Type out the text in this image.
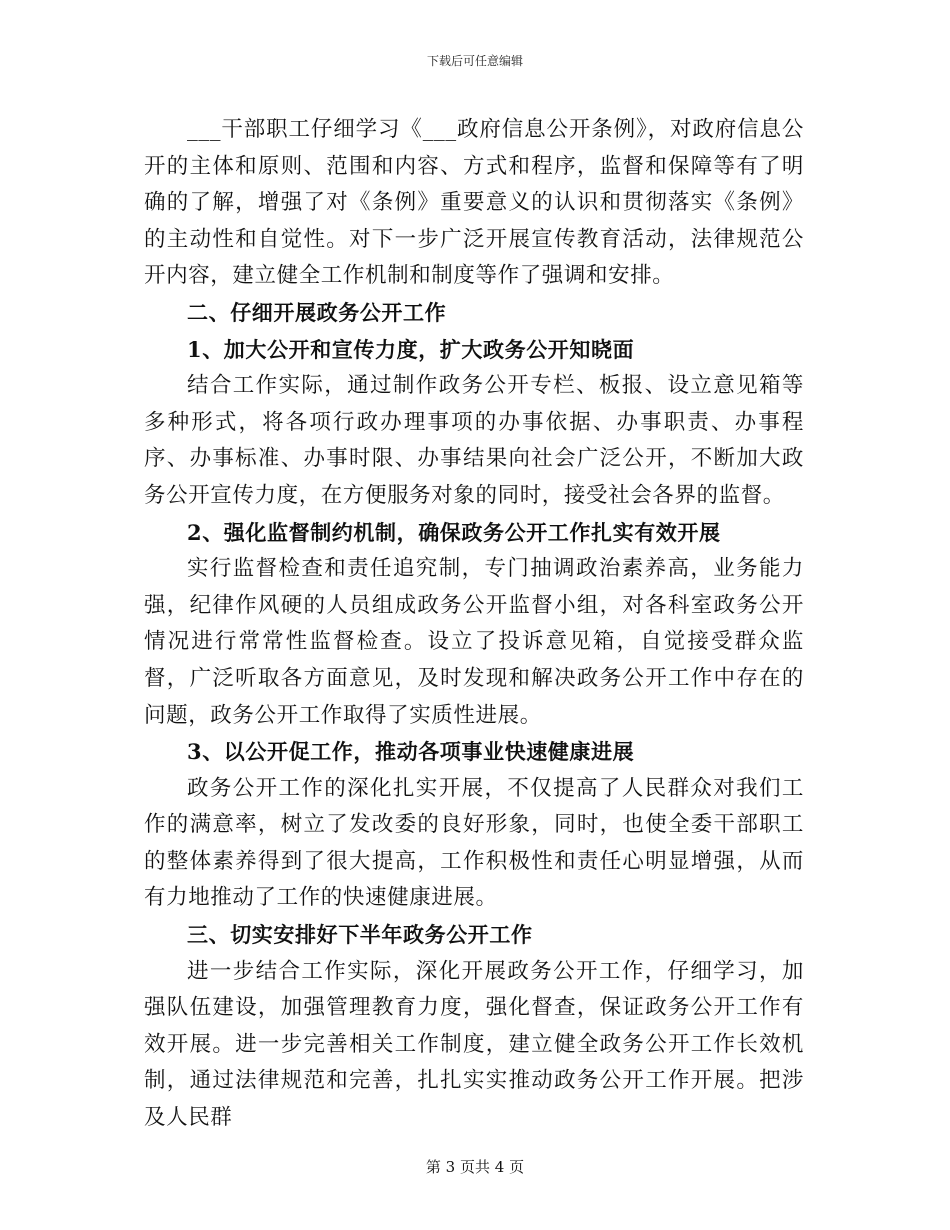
下载后可任意编辑

___干部职工仔细学习《___政府信息公开条例》，对政府信息公开的主体和原则、范围和内容、方式和程序，监督和保障等有了明确的了解，增强了对《条例》重要意义的认识和贯彻落实《条例》的主动性和自觉性。对下一步广泛开展宣传教育活动，法律规范公开内容，建立健全工作机制和制度等作了强调和安排。

二、仔细开展政务公开工作

1、加大公开和宣传力度，扩大政务公开知晓面

结合工作实际，通过制作政务公开专栏、板报、设立意见箱等多种形式，将各项行政办理事项的办事依据、办事职责、办事程序、办事标准、办事时限、办事结果向社会广泛公开，不断加大政务公开宣传力度，在方便服务对象的同时，接受社会各界的监督。

2、强化监督制约机制，确保政务公开工作扎实有效开展

实行监督检查和责任追究制，专门抽调政治素养高，业务能力强，纪律作风硬的人员组成政务公开监督小组，对各科室政务公开情况进行常常性监督检查。设立了投诉意见箱，自觉接受群众监督，广泛听取各方面意见，及时发现和解决政务公开工作中存在的问题，政务公开工作取得了实质性进展。

3、以公开促工作，推动各项事业快速健康进展

政务公开工作的深化扎实开展，不仅提高了人民群众对我们工作的满意率，树立了发改委的良好形象，同时，也使全委干部职工的整体素养得到了很大提高，工作积极性和责任心明显增强，从而有力地推动了工作的快速健康进展。

三、切实安排好下半年政务公开工作

进一步结合工作实际，深化开展政务公开工作，仔细学习，加强队伍建设，加强管理教育力度，强化督查，保证政务公开工作有效开展。进一步完善相关工作制度，建立健全政务公开工作长效机制，通过法律规范和完善，扎扎实实推动政务公开工作开展。把涉及人民群

第 3 页共 4 页
